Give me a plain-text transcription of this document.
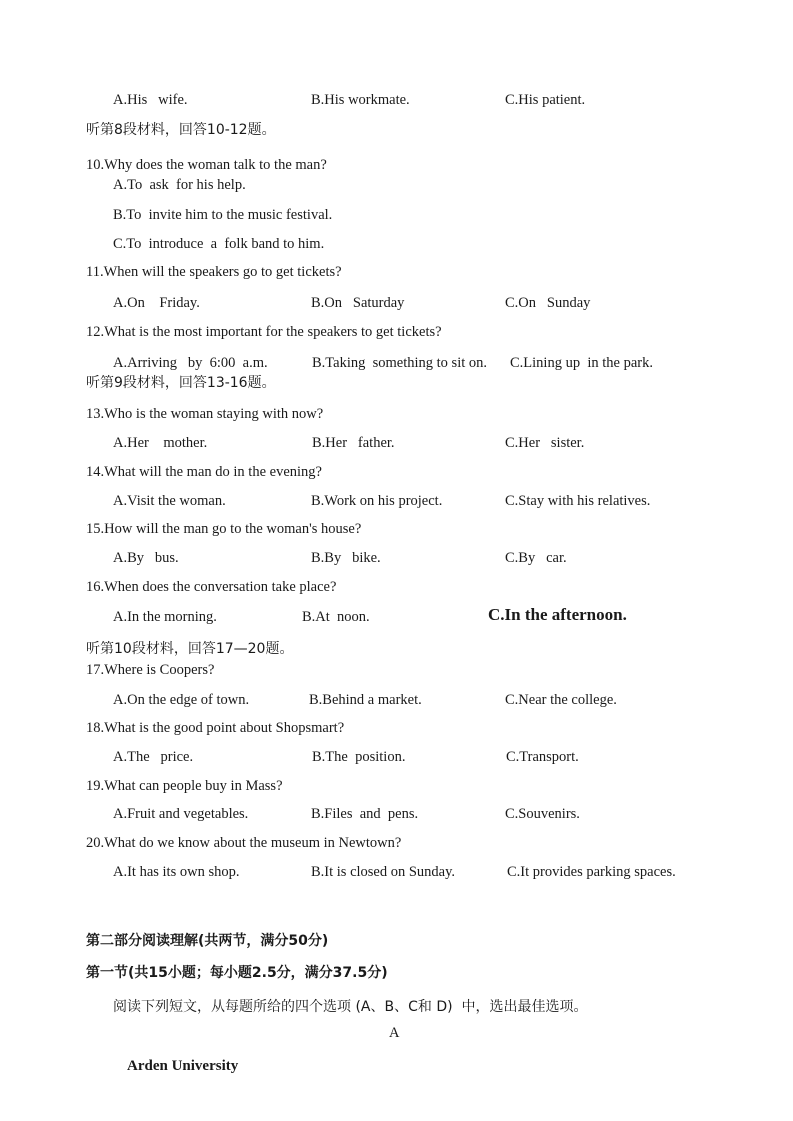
A.His   wife.	B.His workmate.	C.His patient.
听第8段材料，回答10-12题。
10.Why does the woman talk to the man?
A.To  ask  for his help.
B.To  invite him to the music festival.
C.To  introduce  a  folk band to him.
11.When will the speakers go to get tickets?
A.On    Friday.	B.On   Saturday	C.On   Sunday
12.What is the most important for the speakers to get tickets?
A.Arriving   by  6:00  a.m.	B.Taking  something to sit on. C.Lining up  in the park.
听第9段材料，回答13-16题。
13.Who is the woman staying with now?
A.Her    mother.	B.Her   father.	C.Her   sister.
14.What will the man do in the evening?
A.Visit the woman.	B.Work on his project.	C.Stay with his relatives.
15.How will the man go to the woman's house?
A.By   bus.	B.By   bike.	C.By   car.
16.When does the conversation take place?
A.In the morning.	B.At  noon.	C.In the afternoon.
听第10段材料，回答17—20题。
17.Where is Coopers?
A.On the edge of town.	B.Behind a market.	C.Near the college.
18.What is the good point about Shopsmart?
A.The   price.	B.The  position.	C.Transport.
19.What can people buy in Mass?
A.Fruit and vegetables.	B.Files  and  pens.	C.Souvenirs.
20.What do we know about the museum in Newtown?
A.It has its own shop.	B.It is closed on Sunday.	C.It provides parking spaces.
第二部分阅读理解(共两节，满分50分)
第一节(共15小题；每小题2.5分，满分37.5分)
阅读下列短文，从每题所给的四个选项 (A、B、C和 D)  中，选出最佳选项。
A
Arden University
